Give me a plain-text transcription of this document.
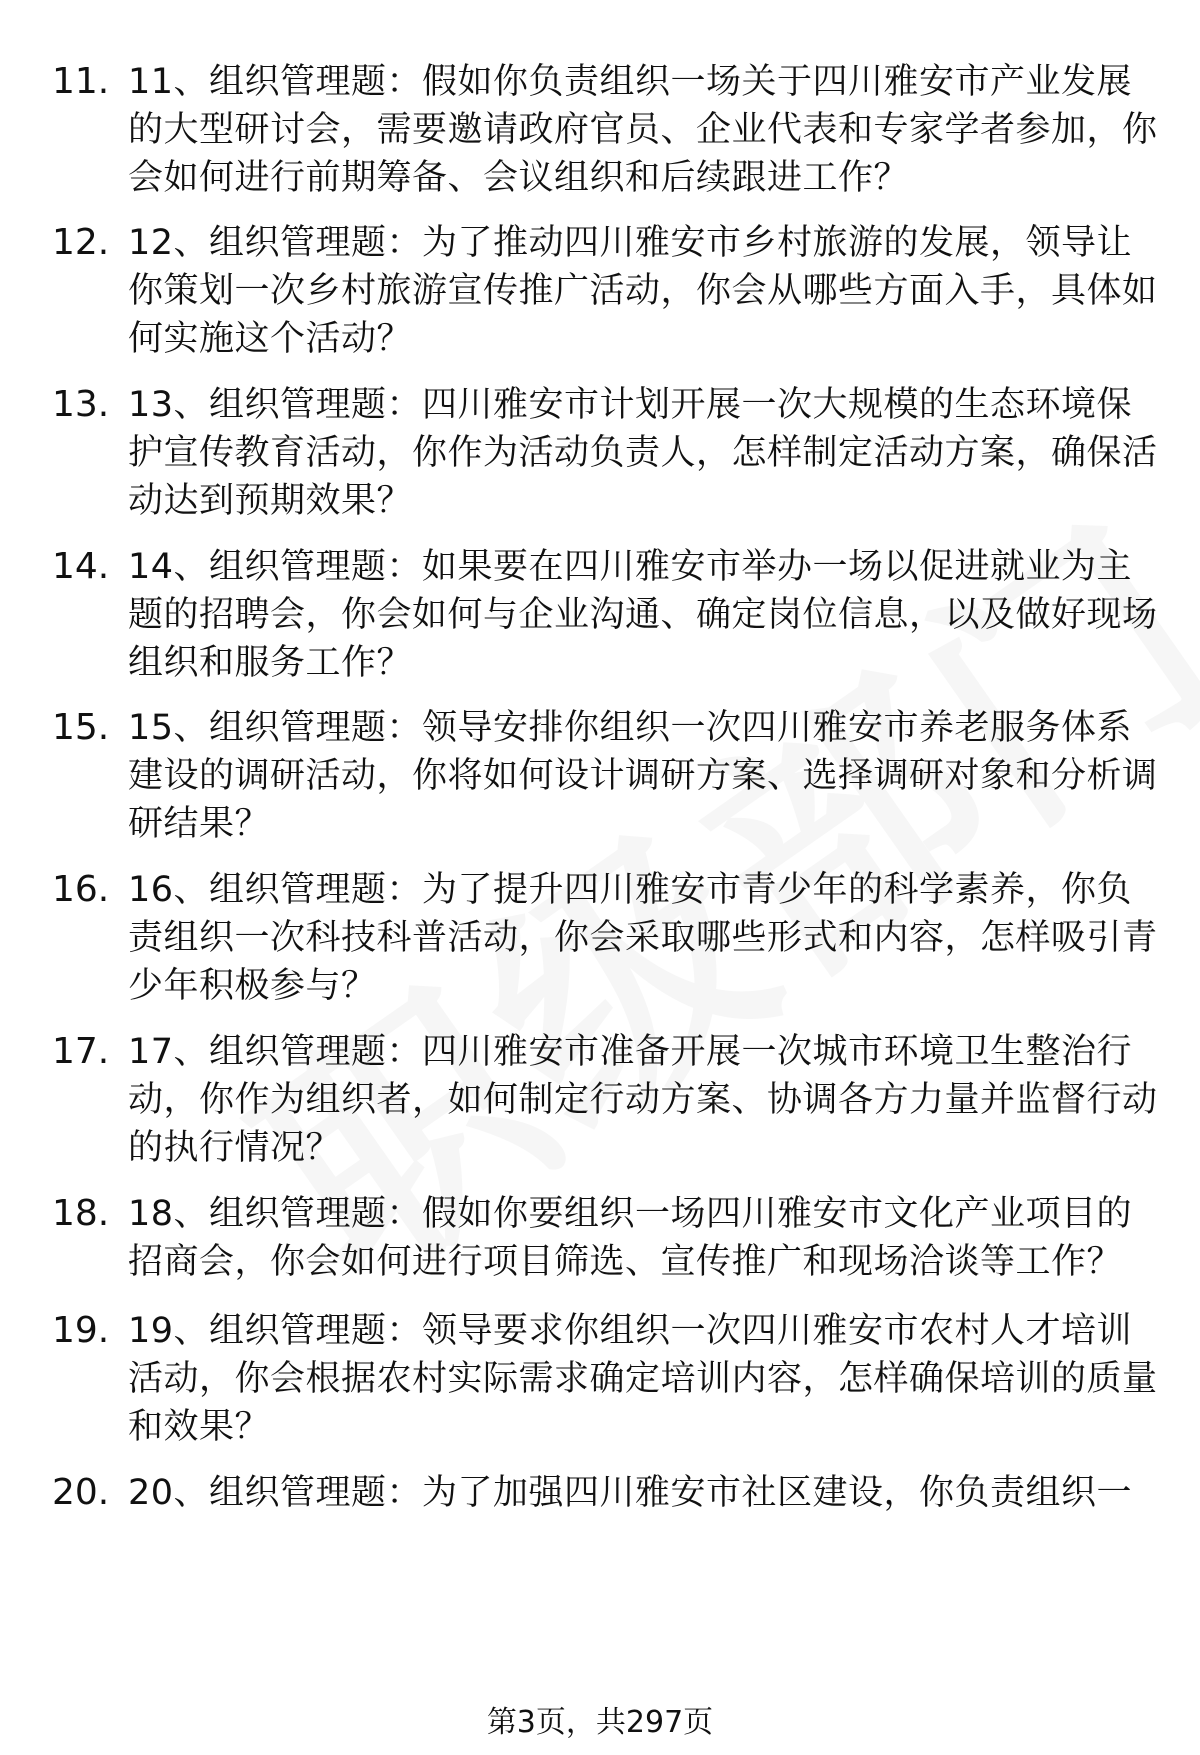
11. 11、组织管理题：假如你负责组织一场关于四川雅安市产业发展的大型研讨会，需要邀请政府官员、企业代表和专家学者参加，你会如何进行前期筹备、会议组织和后续跟进工作？
12. 12、组织管理题：为了推动四川雅安市乡村旅游的发展，领导让你策划一次乡村旅游宣传推广活动，你会从哪些方面入手，具体如何实施这个活动？
13. 13、组织管理题：四川雅安市计划开展一次大规模的生态环境保护宣传教育活动，你作为活动负责人，怎样制定活动方案，确保活动达到预期效果？
14. 14、组织管理题：如果要在四川雅安市举办一场以促进就业为主题的招聘会，你会如何与企业沟通、确定岗位信息，以及做好现场组织和服务工作？
15. 15、组织管理题：领导安排你组织一次四川雅安市养老服务体系建设的调研活动，你将如何设计调研方案、选择调研对象和分析调研结果？
16. 16、组织管理题：为了提升四川雅安市青少年的科学素养，你负责组织一次科技科普活动，你会采取哪些形式和内容，怎样吸引青少年积极参与？
17. 17、组织管理题：四川雅安市准备开展一次城市环境卫生整治行动，你作为组织者，如何制定行动方案、协调各方力量并监督行动的执行情况？
18. 18、组织管理题：假如你要组织一场四川雅安市文化产业项目的招商会，你会如何进行项目筛选、宣传推广和现场洽谈等工作？
19. 19、组织管理题：领导要求你组织一次四川雅安市农村人才培训活动，你会根据农村实际需求确定培训内容，怎样确保培训的质量和效果？
20. 20、组织管理题：为了加强四川雅安市社区建设，你负责组织一
第3页，共297页
